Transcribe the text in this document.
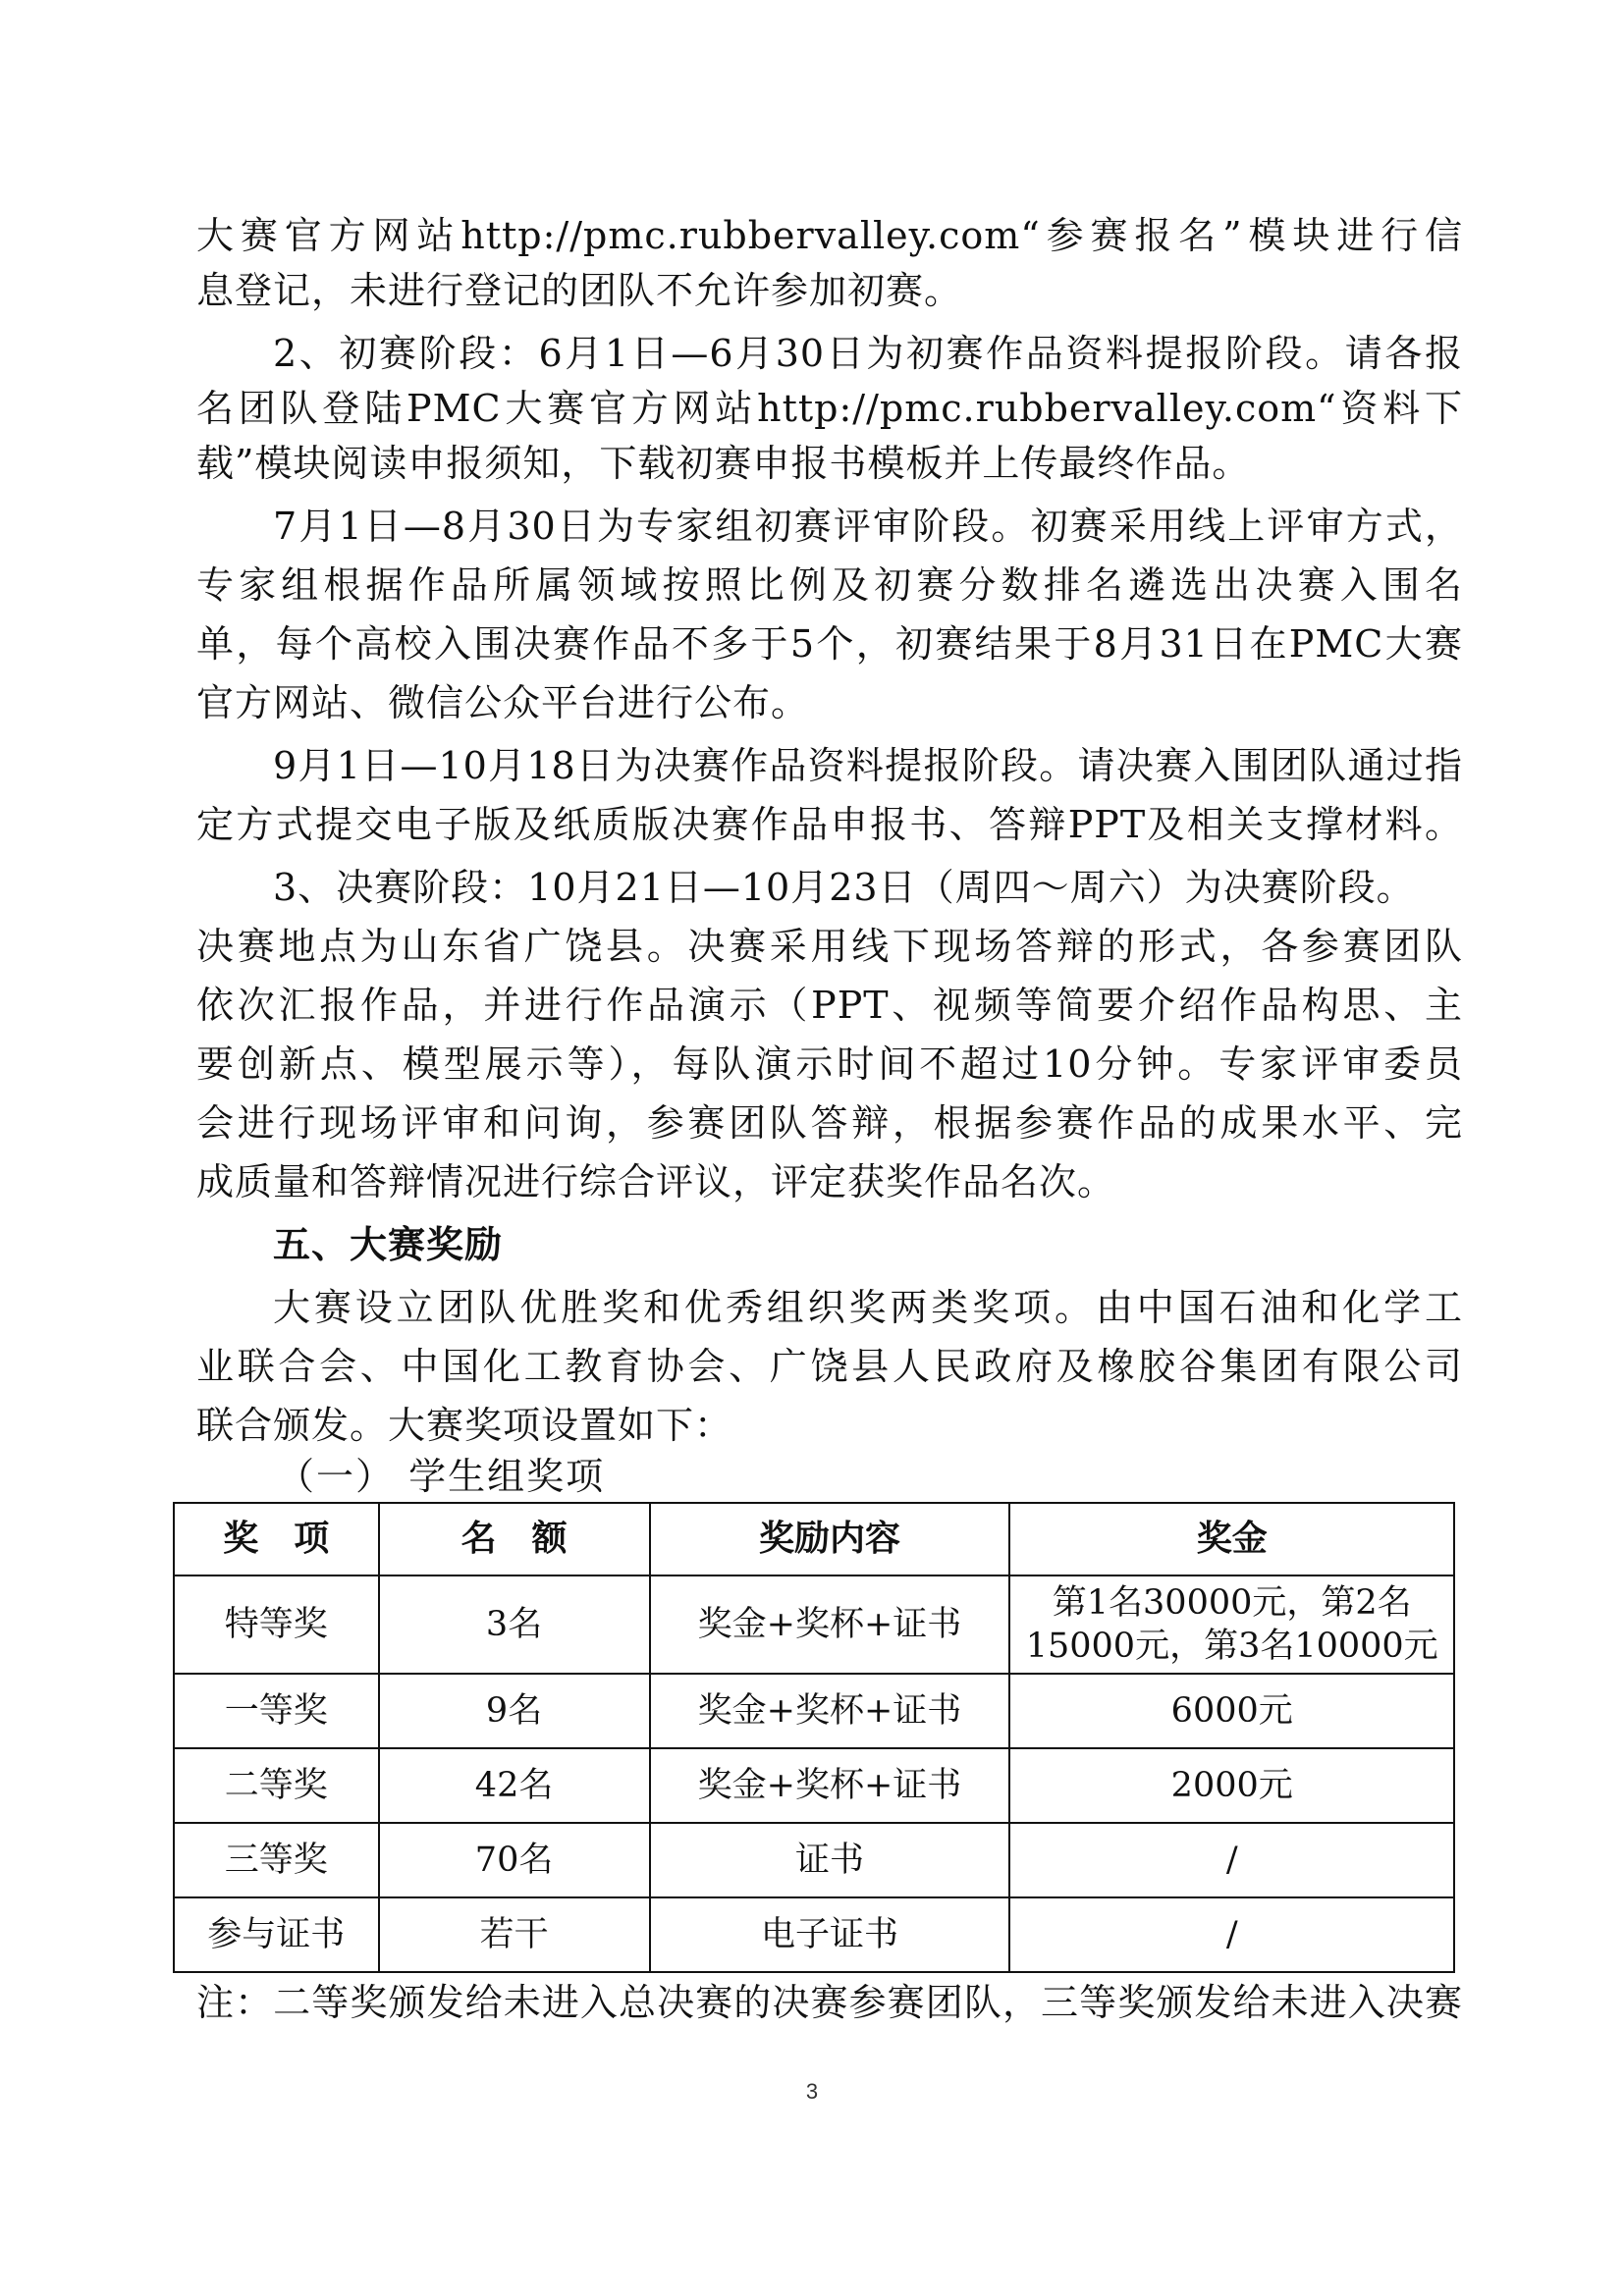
大赛官方网站http://pmc.rubbervalley.com“参赛报名”模块进行信
息登记，未进行登记的团队不允许参加初赛。
2、初赛阶段：6月1日—6月30日为初赛作品资料提报阶段。请各报
名团队登陆PMC大赛官方网站http://pmc.rubbervalley.com“资料下
载”模块阅读申报须知，下载初赛申报书模板并上传最终作品。
7月1日—8月30日为专家组初赛评审阶段。初赛采用线上评审方式，
专家组根据作品所属领域按照比例及初赛分数排名遴选出决赛入围名
单，每个高校入围决赛作品不多于5个，初赛结果于8月31日在PMC大赛
官方网站、微信公众平台进行公布。
9月1日—10月18日为决赛作品资料提报阶段。请决赛入围团队通过指
定方式提交电子版及纸质版决赛作品申报书、答辩PPT及相关支撑材料。
3、决赛阶段：10月21日—10月23日（周四～周六）为决赛阶段。
决赛地点为山东省广饶县。决赛采用线下现场答辩的形式，各参赛团队
依次汇报作品，并进行作品演示（PPT、视频等简要介绍作品构思、主
要创新点、模型展示等），每队演示时间不超过10分钟。专家评审委员
会进行现场评审和问询，参赛团队答辩，根据参赛作品的成果水平、完
成质量和答辩情况进行综合评议，评定获奖作品名次。
五、大赛奖励
大赛设立团队优胜奖和优秀组织奖两类奖项。由中国石油和化学工
业联合会、中国化工教育协会、广饶县人民政府及橡胶谷集团有限公司
联合颁发。大赛奖项设置如下：
（一） 学生组奖项
奖　项	名　额	奖励内容	奖金
特等奖	3名	奖金+奖杯+证书	第1名30000元，第2名
15000元，第3名10000元

一等奖	9名	奖金+奖杯+证书	6000元
二等奖	42名	奖金+奖杯+证书	2000元
三等奖	70名	证书	/
参与证书	若干	电子证书	/
注：二等奖颁发给未进入总决赛的决赛参赛团队，三等奖颁发给未进入决赛
3
